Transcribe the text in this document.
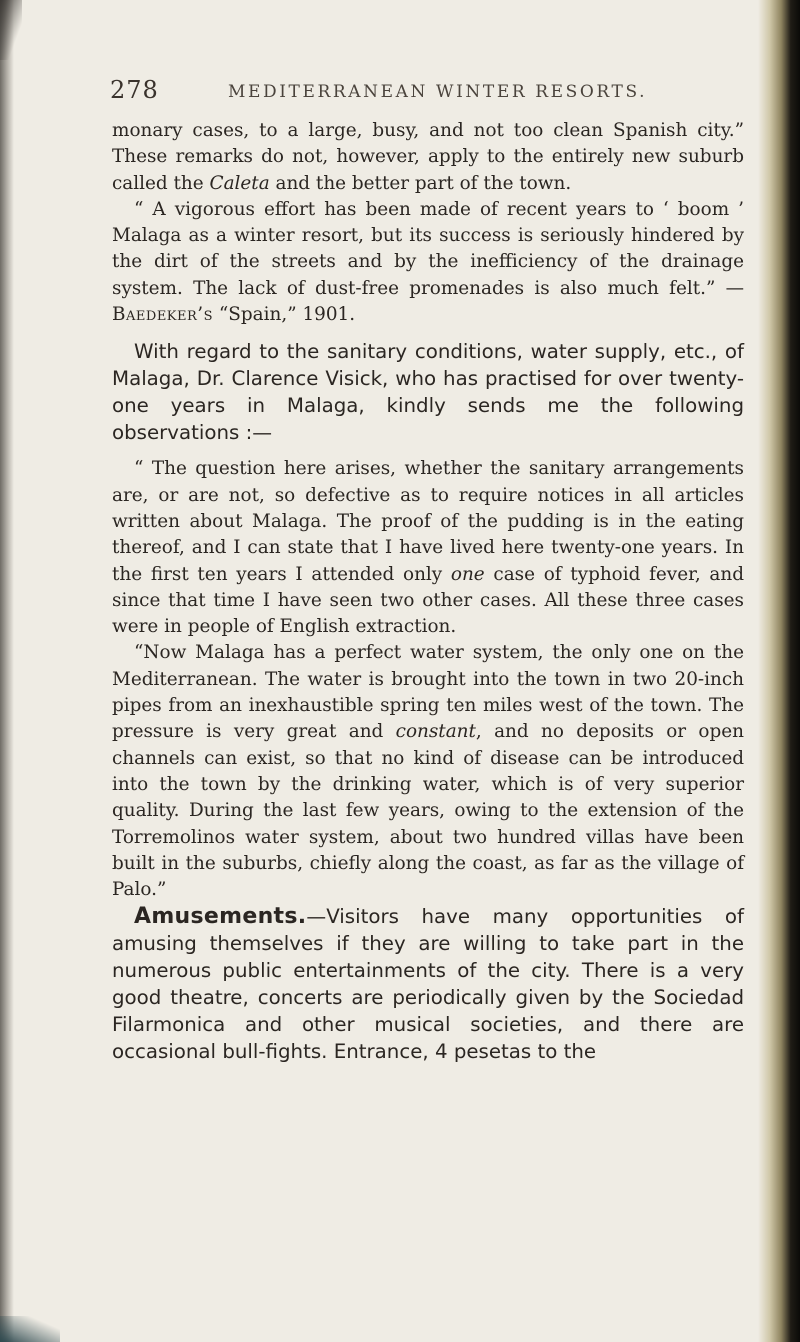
278	MEDITERRANEAN WINTER RESORTS.

monary cases, to a large, busy, and not too clean Spanish city.” These remarks do not, however, apply to the entirely new suburb called the Caleta and the better part of the town.

“ A vigorous effort has been made of recent years to ‘ boom ’ Malaga as a winter resort, but its success is seriously hindered by the dirt of the streets and by the inefficiency of the drainage system. The lack of dust-free promenades is also much felt.” —Baedeker’s “Spain,” 1901.

With regard to the sanitary conditions, water supply, etc., of Malaga, Dr. Clarence Visick, who has practised for over twenty-one years in Malaga, kindly sends me the following observations :—

“ The question here arises, whether the sanitary arrangements are, or are not, so defective as to require notices in all articles written about Malaga. The proof of the pudding is in the eating thereof, and I can state that I have lived here twenty-one years. In the first ten years I attended only one case of typhoid fever, and since that time I have seen two other cases. All these three cases were in people of English extraction.

“Now Malaga has a perfect water system, the only one on the Mediterranean. The water is brought into the town in two 20-inch pipes from an inexhaustible spring ten miles west of the town. The pressure is very great and constant, and no deposits or open channels can exist, so that no kind of disease can be introduced into the town by the drinking water, which is of very superior quality. During the last few years, owing to the extension of the Torremolinos water system, about two hundred villas have been built in the suburbs, chiefly along the coast, as far as the village of Palo.”

Amusements.—Visitors have many opportunities of amusing themselves if they are willing to take part in the numerous public entertainments of the city. There is a very good theatre, concerts are periodically given by the Sociedad Filarmonica and other musical societies, and there are occasional bull-fights. Entrance, 4 pesetas to the
